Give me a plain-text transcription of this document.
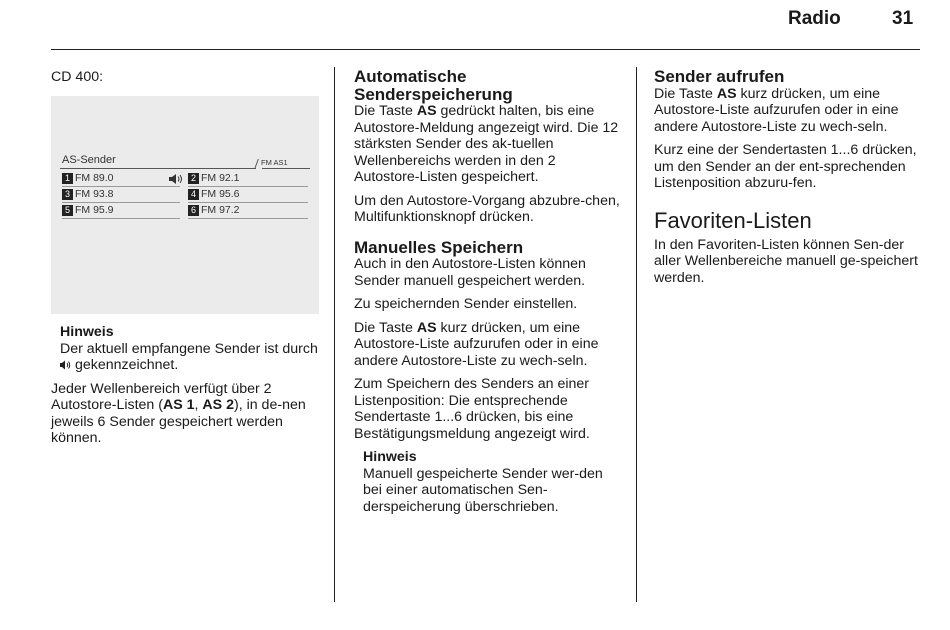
Radio	31
CD 400:
AS-Sender	FM AS1
1 FM 89.0	2 FM 92.1
3 FM 93.8	4 FM 95.6
5 FM 95.9	6 FM 97.2
Hinweis
Der aktuell empfangene Sender ist durch  gekennzeichnet.

Jeder Wellenbereich verfügt über 2 Autostore-Listen (AS 1, AS 2), in de-nen jeweils 6 Sender gespeichert werden können.

Automatische Senderspeicherung

Die Taste AS gedrückt halten, bis eine Autostore-Meldung angezeigt wird. Die 12 stärksten Sender des ak-tuellen Wellenbereichs werden in den 2 Autostore-Listen gespeichert.

Um den Autostore-Vorgang abzubre-chen, Multifunktionsknopf drücken.

Manuelles Speichern

Auch in den Autostore-Listen können Sender manuell gespeichert werden.

Zu speichernden Sender einstellen.

Die Taste AS kurz drücken, um eine Autostore-Liste aufzurufen oder in eine andere Autostore-Liste zu wech-seln.

Zum Speichern des Senders an einer Listenposition: Die entsprechende Sendertaste 1...6 drücken, bis eine Bestätigungsmeldung angezeigt wird.

Hinweis
Manuell gespeicherte Sender wer-den bei einer automatischen Sen-derspeicherung überschrieben.
Sender aufrufen

Die Taste AS kurz drücken, um eine Autostore-Liste aufzurufen oder in eine andere Autostore-Liste zu wech-seln.

Kurz eine der Sendertasten 1...6 drücken, um den Sender an der ent-sprechenden Listenposition abzuru-fen.

Favoriten-Listen

In den Favoriten-Listen können Sen-der aller Wellenbereiche manuell ge-speichert werden.
